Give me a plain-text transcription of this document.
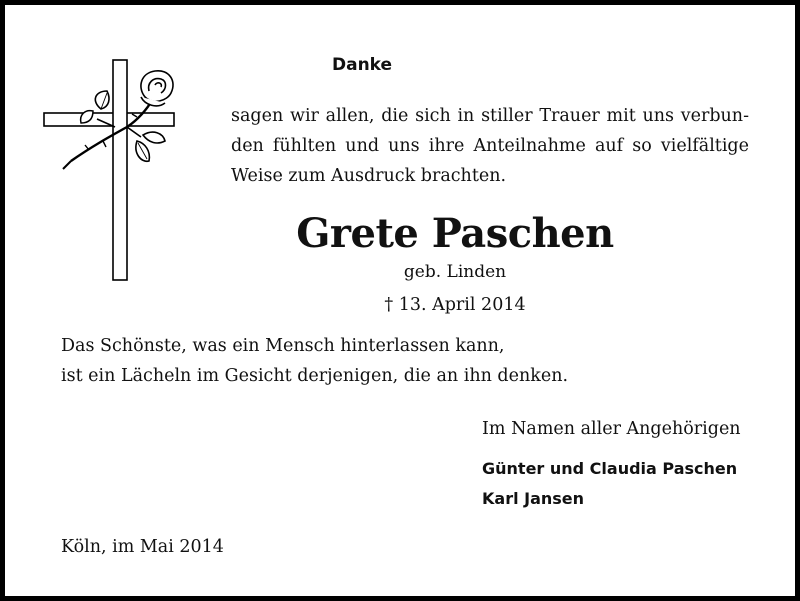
Danke
sagen wir allen, die sich in stiller Trauer mit uns verbun-
den fühlten und uns ihre Anteilnahme auf so vielfältige
Weise zum Ausdruck brachten.
Grete Paschen
geb. Linden
† 13. April 2014
Das Schönste, was ein Mensch hinterlassen kann,
ist ein Lächeln im Gesicht derjenigen, die an ihn denken.
Im Namen aller Angehörigen
Günter und Claudia Paschen
Karl Jansen
Köln, im Mai 2014
